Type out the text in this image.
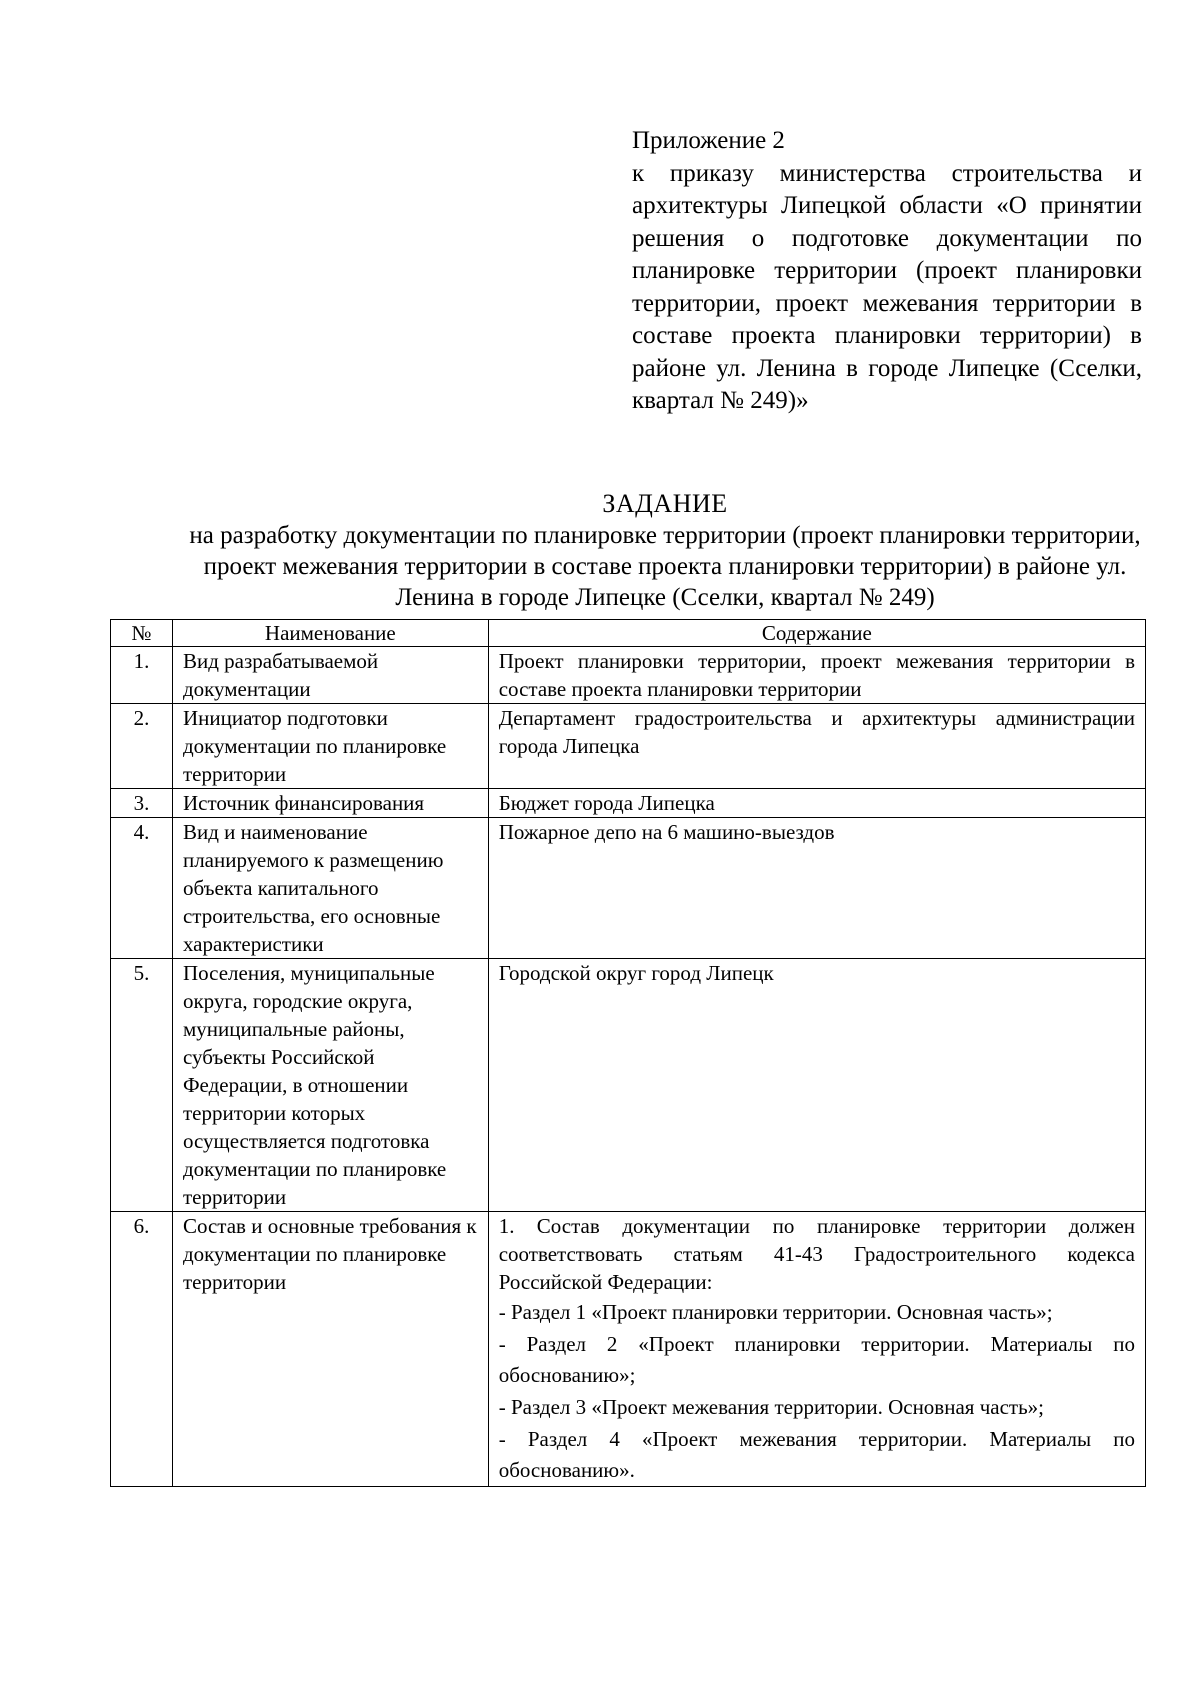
Приложение 2
к приказу министерства строительства и архитектуры Липецкой области «О принятии решения о подготовке документации по планировке территории (проект планировки территории, проект межевания территории в составе проекта планировки территории) в районе ул. Ленина в городе Липецке (Сселки, квартал № 249)»
ЗАДАНИЕ
на разработку документации по планировке территории (проект планировки территории, проект межевания территории в составе проекта планировки территории) в районе ул. Ленина в городе Липецке (Сселки, квартал № 249)
№	Наименование	Содержание
1.	Вид разрабатываемой документации	Проект планировки территории, проект межевания территории в составе проекта планировки территории

2.	Инициатор подготовки документации по планировке территории	Департамент градостроительства и архитектуры администрации города Липецка

3.	Источник финансирования	Бюджет города Липецка

4.	Вид и наименование планируемого к размещению объекта капитального строительства, его основные характеристики	Пожарное депо на 6 машино-выездов

5.	Поселения, муниципальные округа, городские округа, муниципальные районы, субъекты Российской Федерации, в отношении территории которых осуществляется подготовка документации по планировке территории	Городской округ город Липецк

6.	Состав и основные требования к документации по планировке территории	1. Состав документации по планировке территории должен соответствовать статьям 41-43 Градостроительного кодекса Российской Федерации:
- Раздел 1 «Проект планировки территории. Основная часть»;
- Раздел 2 «Проект планировки территории. Материалы по обоснованию»;
- Раздел 3 «Проект межевания территории. Основная часть»;
- Раздел 4 «Проект межевания территории. Материалы по обоснованию».
